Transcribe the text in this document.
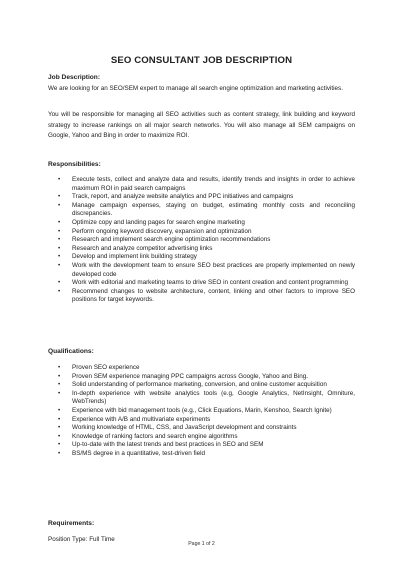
SEO CONSULTANT JOB DESCRIPTION
Job Description:

We are looking for an SEO/SEM expert to manage all search engine optimization and marketing activities.

You will be responsible for managing all SEO activities such as content strategy, link building and keyword strategy to increase rankings on all major search networks. You will also manage all SEM campaigns on Google, Yahoo and Bing in order to maximize ROI.

Responsibilities:
• Execute tests, collect and analyze data and results, identify trends and insights in order to achieve maximum ROI in paid search campaigns
• Track, report, and analyze website analytics and PPC initiatives and campaigns
• Manage campaign expenses, staying on budget, estimating monthly costs and reconciling discrepancies.
• Optimize copy and landing pages for search engine marketing
• Perform ongoing keyword discovery, expansion and optimization
• Research and implement search engine optimization recommendations
• Research and analyze competitor advertising links
• Develop and implement link building strategy
• Work with the development team to ensure SEO best practices are properly implemented on newly developed code
• Work with editorial and marketing teams to drive SEO in content creation and content programming
• Recommend changes to website architecture, content, linking and other factors to improve SEO positions for target keywords.
Qualifications:
• Proven SEO experience
• Proven SEM experience managing PPC campaigns across Google, Yahoo and Bing.
• Solid understanding of performance marketing, conversion, and online customer acquisition
• In-depth experience with website analytics tools (e.g, Google Analytics, NetInsight, Omniture, WebTrends)
• Experience with bid management tools (e.g., Click Equations, Marin, Kenshoo, Search Ignite)
• Experience with A/B and multivariate experiments
• Working knowledge of HTML, CSS, and JavaScript development and constraints
• Knowledge of ranking factors and search engine algorithms
• Up-to-date with the latest trends and best practices in SEO and SEM
• BS/MS degree in a quantitative, test-driven field
Requirements:
Position Type: Full Time
Page 1 of 2
